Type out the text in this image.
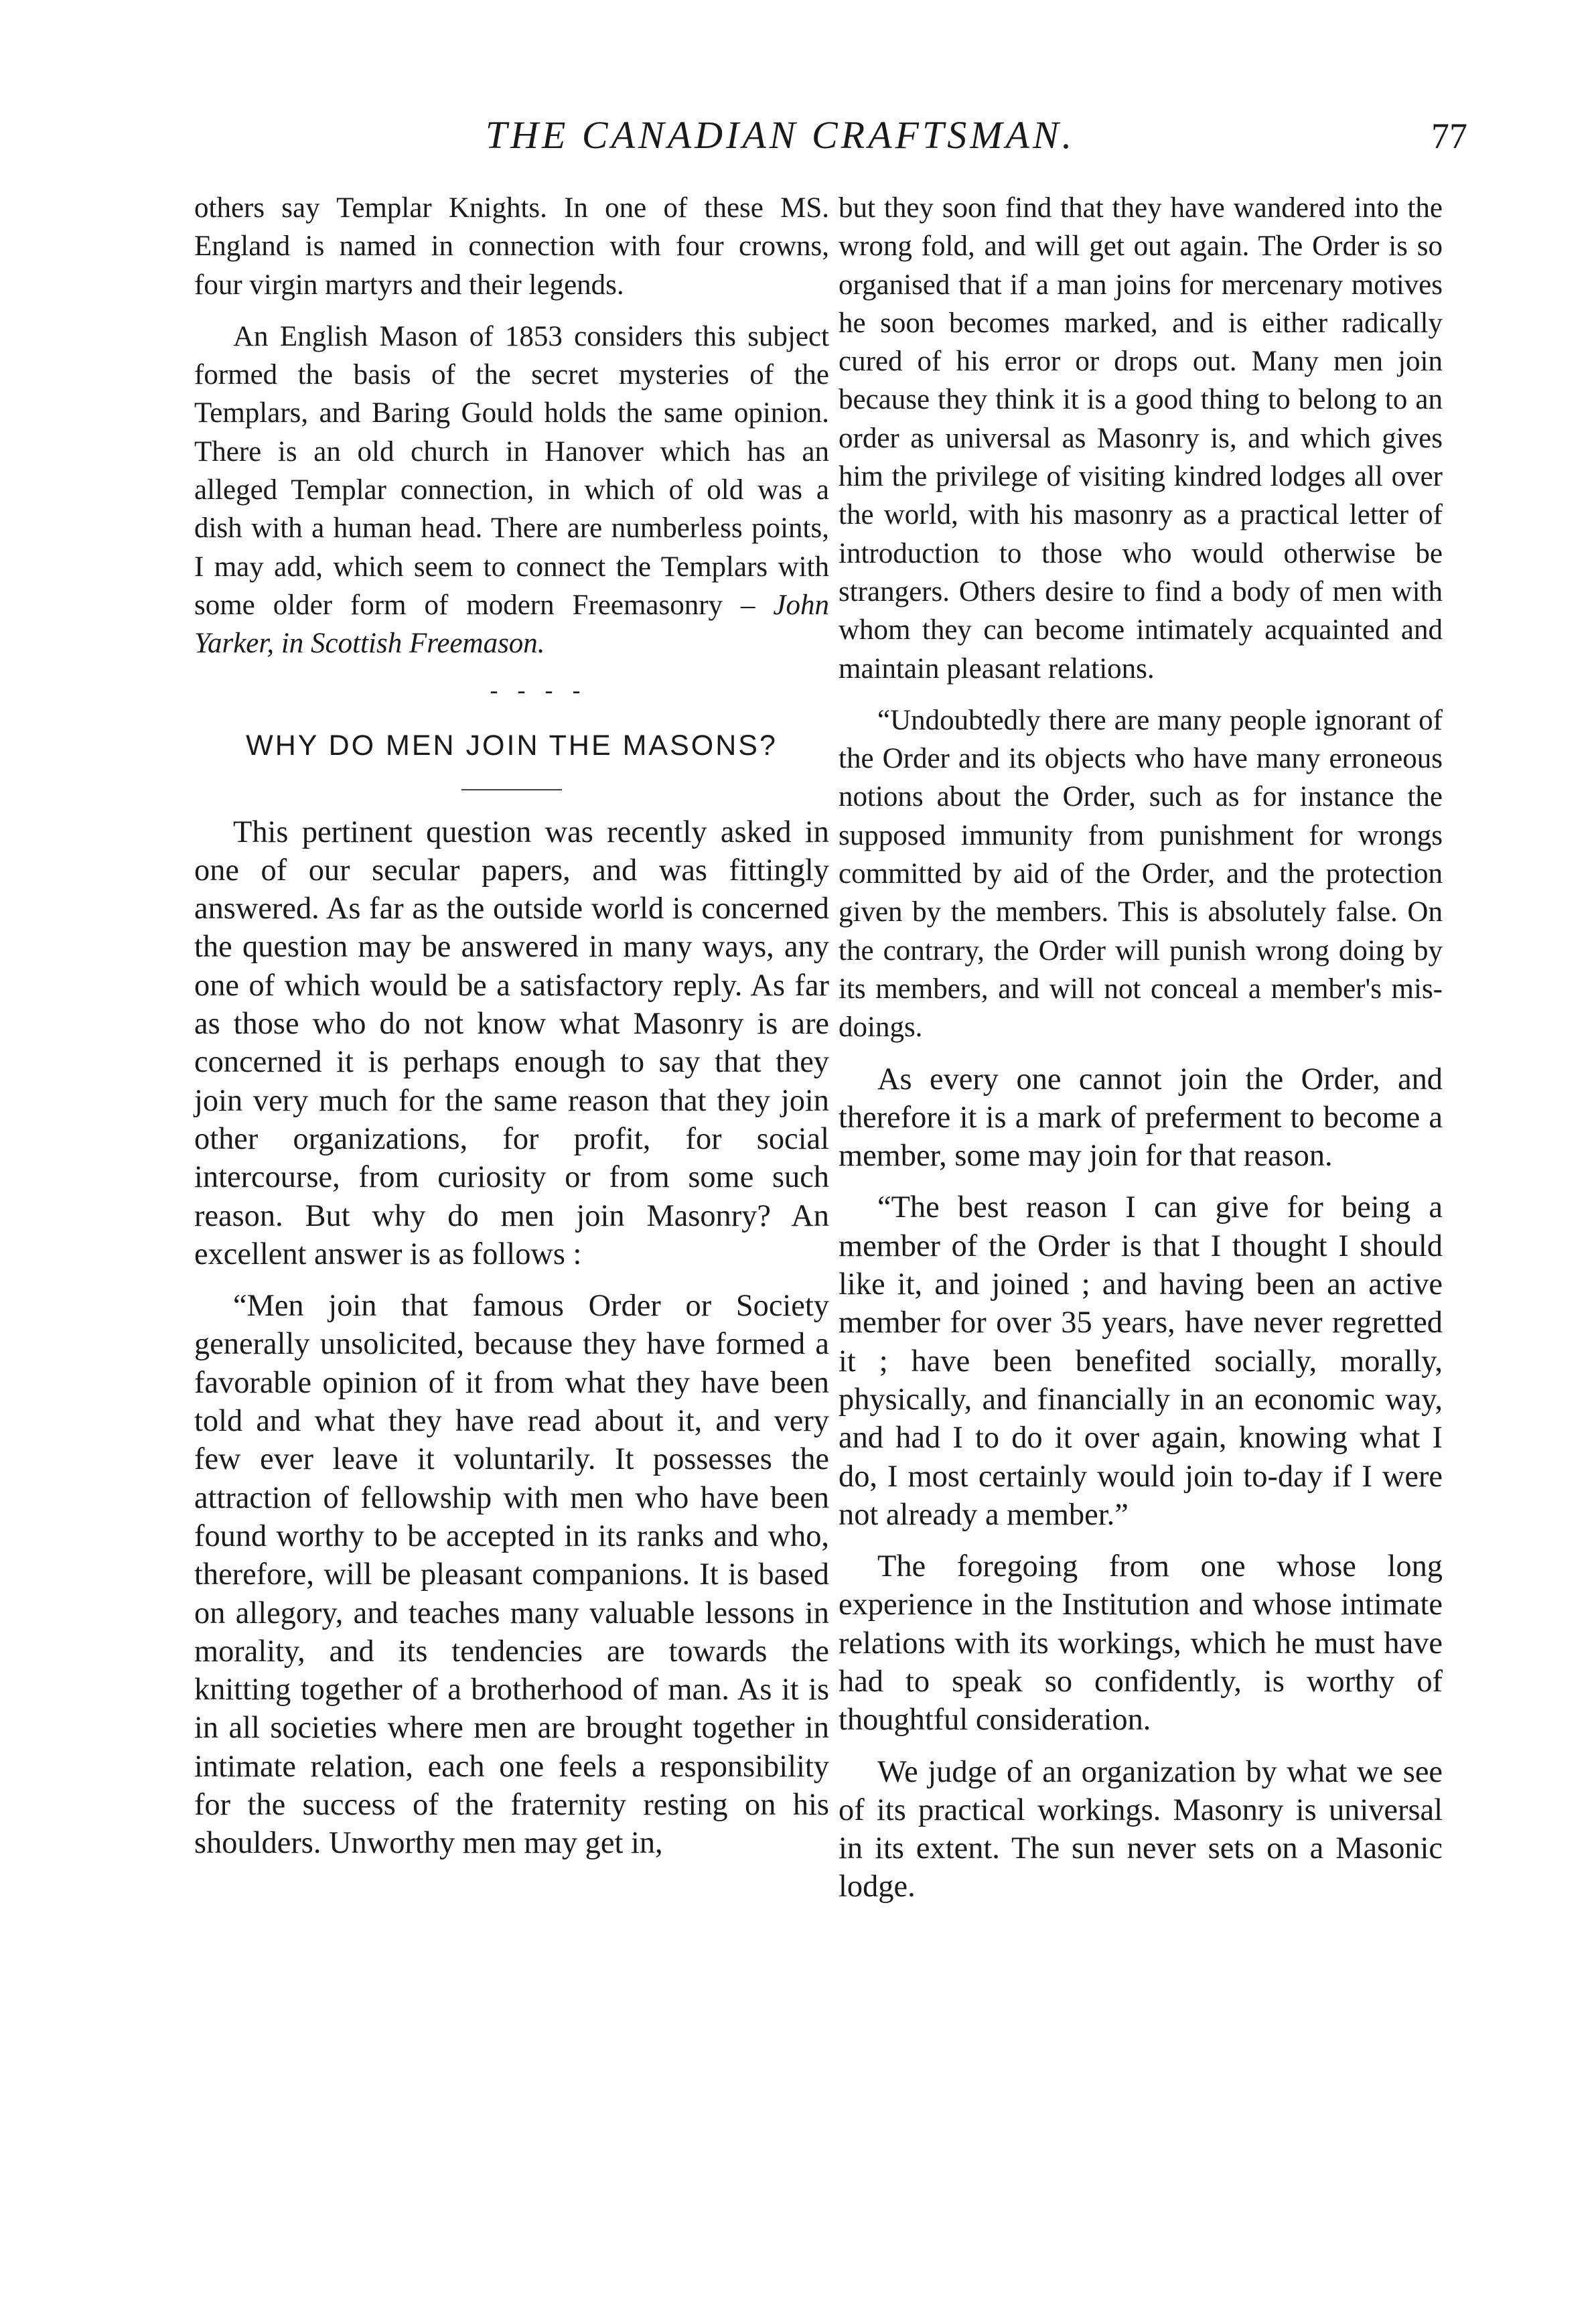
THE CANADIAN CRAFTSMAN.	77

others say Templar Knights. In one of these MS. England is named in connection with four crowns, four virgin martyrs and their legends.

An English Mason of 1853 considers this subject formed the basis of the secret mysteries of the Templars, and Baring Gould holds the same opinion. There is an old church in Hanover which has an alleged Templar connection, in which of old was a dish with a human head. There are numberless points, I may add, which seem to connect the Templars with some older form of modern Freemasonry – John Yarker, in Scottish Freemason.

- - - -
WHY DO MEN JOIN THE MASONS?

This pertinent question was recently asked in one of our secular papers, and was fittingly answered. As far as the outside world is concerned the question may be answered in many ways, any one of which would be a satisfactory reply. As far as those who do not know what Masonry is are concerned it is perhaps enough to say that they join very much for the same reason that they join other organizations, for profit, for social intercourse, from curiosity or from some such reason. But why do men join Masonry? An excellent answer is as follows :

“Men join that famous Order or Society generally unsolicited, because they have formed a favorable opinion of it from what they have been told and what they have read about it, and very few ever leave it voluntarily. It possesses the attraction of fellowship with men who have been found worthy to be accepted in its ranks and who, therefore, will be pleasant companions. It is based on allegory, and teaches many valuable lessons in morality, and its tendencies are towards the knitting together of a brotherhood of man. As it is in all societies where men are brought together in intimate relation, each one feels a responsibility for the success of the fraternity resting on his shoulders. Unworthy men may get in,

but they soon find that they have wandered into the wrong fold, and will get out again. The Order is so organised that if a man joins for mercenary motives he soon becomes marked, and is either radically cured of his error or drops out. Many men join because they think it is a good thing to belong to an order as universal as Masonry is, and which gives him the privilege of visiting kindred lodges all over the world, with his masonry as a practical letter of introduction to those who would otherwise be strangers. Others desire to find a body of men with whom they can become intimately acquainted and maintain pleasant relations.

“Undoubtedly there are many people ignorant of the Order and its objects who have many erroneous notions about the Order, such as for instance the supposed immunity from punishment for wrongs committed by aid of the Order, and the protection given by the members. This is absolutely false. On the contrary, the Order will punish wrong doing by its members, and will not conceal a member's mis-doings.

As every one cannot join the Order, and therefore it is a mark of preferment to become a member, some may join for that reason.

“The best reason I can give for being a member of the Order is that I thought I should like it, and joined ; and having been an active member for over 35 years, have never regretted it ; have been benefited socially, morally, physically, and financially in an economic way, and had I to do it over again, knowing what I do, I most certainly would join to-day if I were not already a member.”

The foregoing from one whose long experience in the Institution and whose intimate relations with its workings, which he must have had to speak so confidently, is worthy of thoughtful consideration.

We judge of an organization by what we see of its practical workings. Masonry is universal in its extent. The sun never sets on a Masonic lodge.
